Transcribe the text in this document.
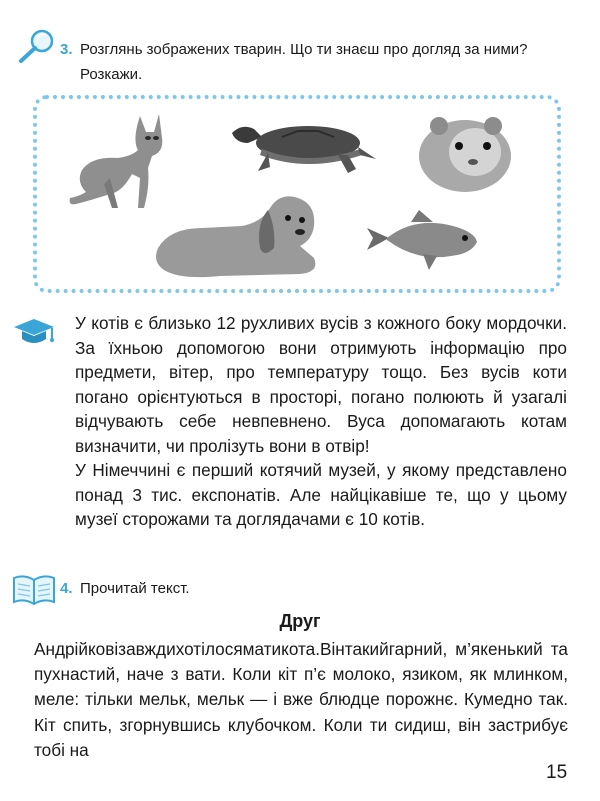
3. Розглянь зображених тварин. Що ти знаєш про догляд за ними? Розкажи.

У котів є близько 12 рухливих вусів з кожного боку мордочки. За їхньою допомогою вони отримують інформацію про предмети, вітер, про температуру тощо. Без вусів коти погано орієнтуються в просторі, погано полюють й узагалі відчувають себе невпевнено. Вуса допомагають котам визначити, чи пролізуть вони в отвір!

У Німеччині є перший котячий музей, у якому представлено понад 3 тис. експонатів. Але найцікавіше те, що у цьому музеї сторожами та доглядачами є 10 котів.

4. Прочитай текст.
Друг
Андрійковізавждихотілосяматикота.Вінтакийгарний, м’якенький та пухнастий, наче з вати. Коли кіт п’є молоко, язиком, як млинком, меле: тільки мельк, мельк — і вже блюдце порожнє. Кумедно так. Кіт спить, згорнувшись клубочком. Коли ти сидиш, він застрибує тобі на
15
